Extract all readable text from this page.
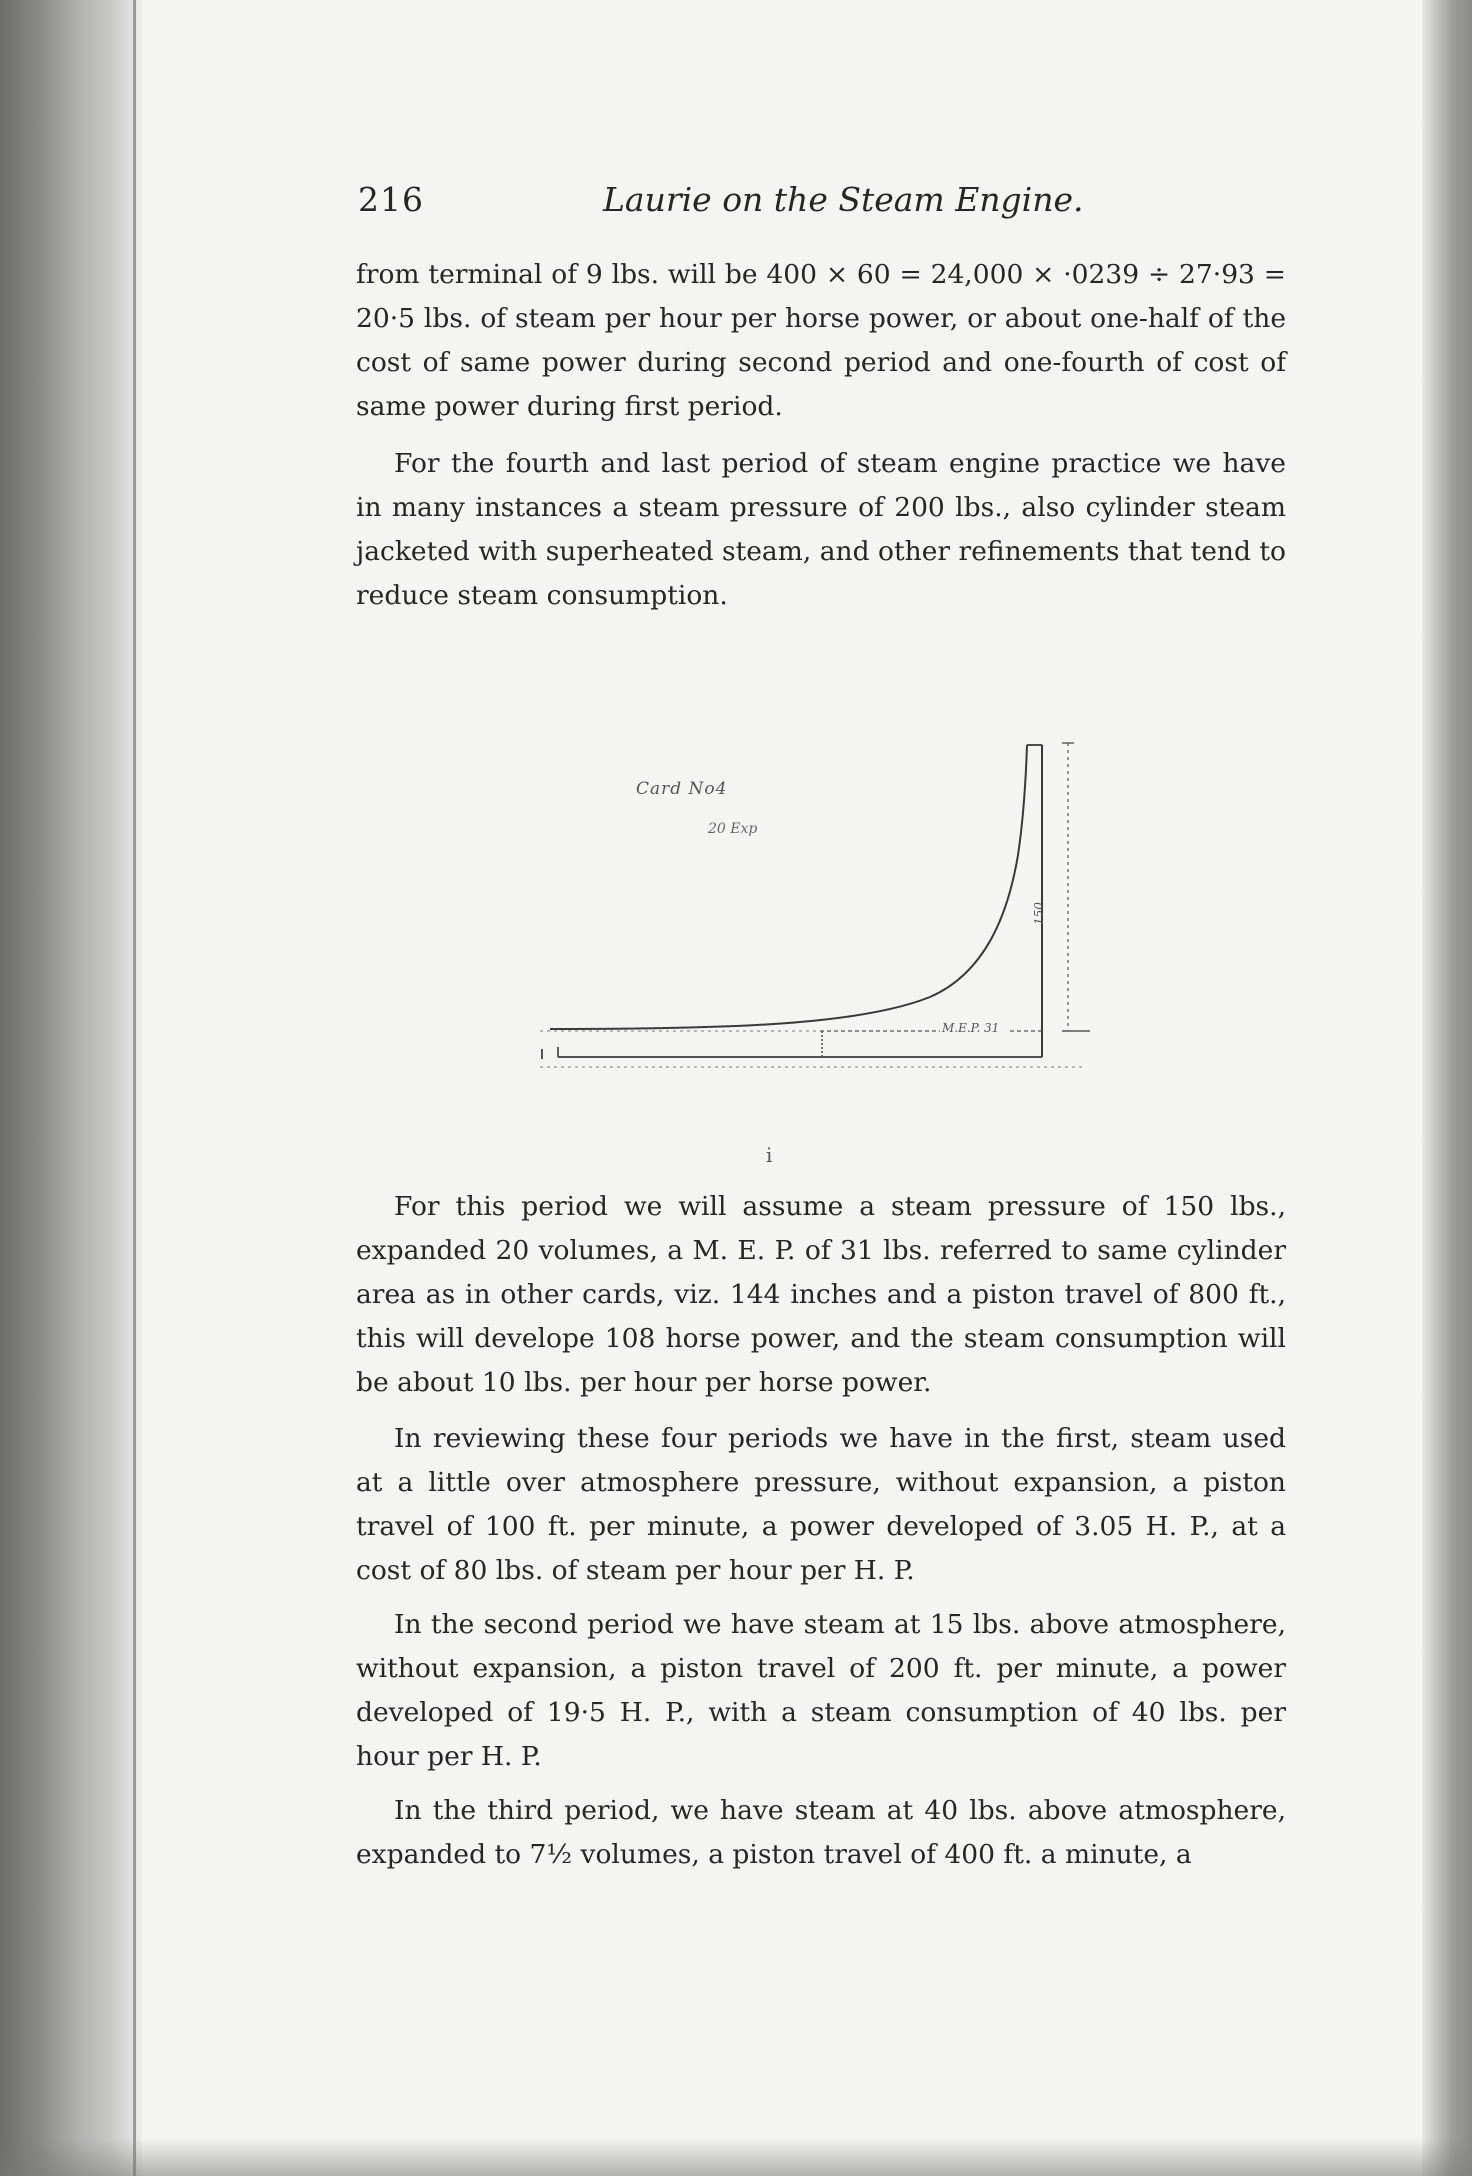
216	Laurie on the Steam Engine.

from terminal of 9 lbs. will be 400 × 60 = 24,000 × ·0239 ÷ 27·93 = 20·5 lbs. of steam per hour per horse power, or about one-half of the cost of same power during second period and one-fourth of cost of same power during first period.

For the fourth and last period of steam engine practice we have in many instances a steam pressure of 200 lbs., also cylinder steam jacketed with superheated steam, and other refinements that tend to reduce steam consumption.

Card No4
20 Exp
M.E.P. 31
150
i

For this period we will assume a steam pressure of 150 lbs., expanded 20 volumes, a M. E. P. of 31 lbs. referred to same cylinder area as in other cards, viz. 144 inches and a piston travel of 800 ft., this will develope 108 horse power, and the steam consumption will be about 10 lbs. per hour per horse power.

In reviewing these four periods we have in the first, steam used at a little over atmosphere pressure, without expansion, a piston travel of 100 ft. per minute, a power developed of 3.05 H. P., at a cost of 80 lbs. of steam per hour per H. P.

In the second period we have steam at 15 lbs. above atmosphere, without expansion, a piston travel of 200 ft. per minute, a power developed of 19·5 H. P., with a steam consumption of 40 lbs. per hour per H. P.

In the third period, we have steam at 40 lbs. above atmosphere, expanded to 7½ volumes, a piston travel of 400 ft. a minute, a
